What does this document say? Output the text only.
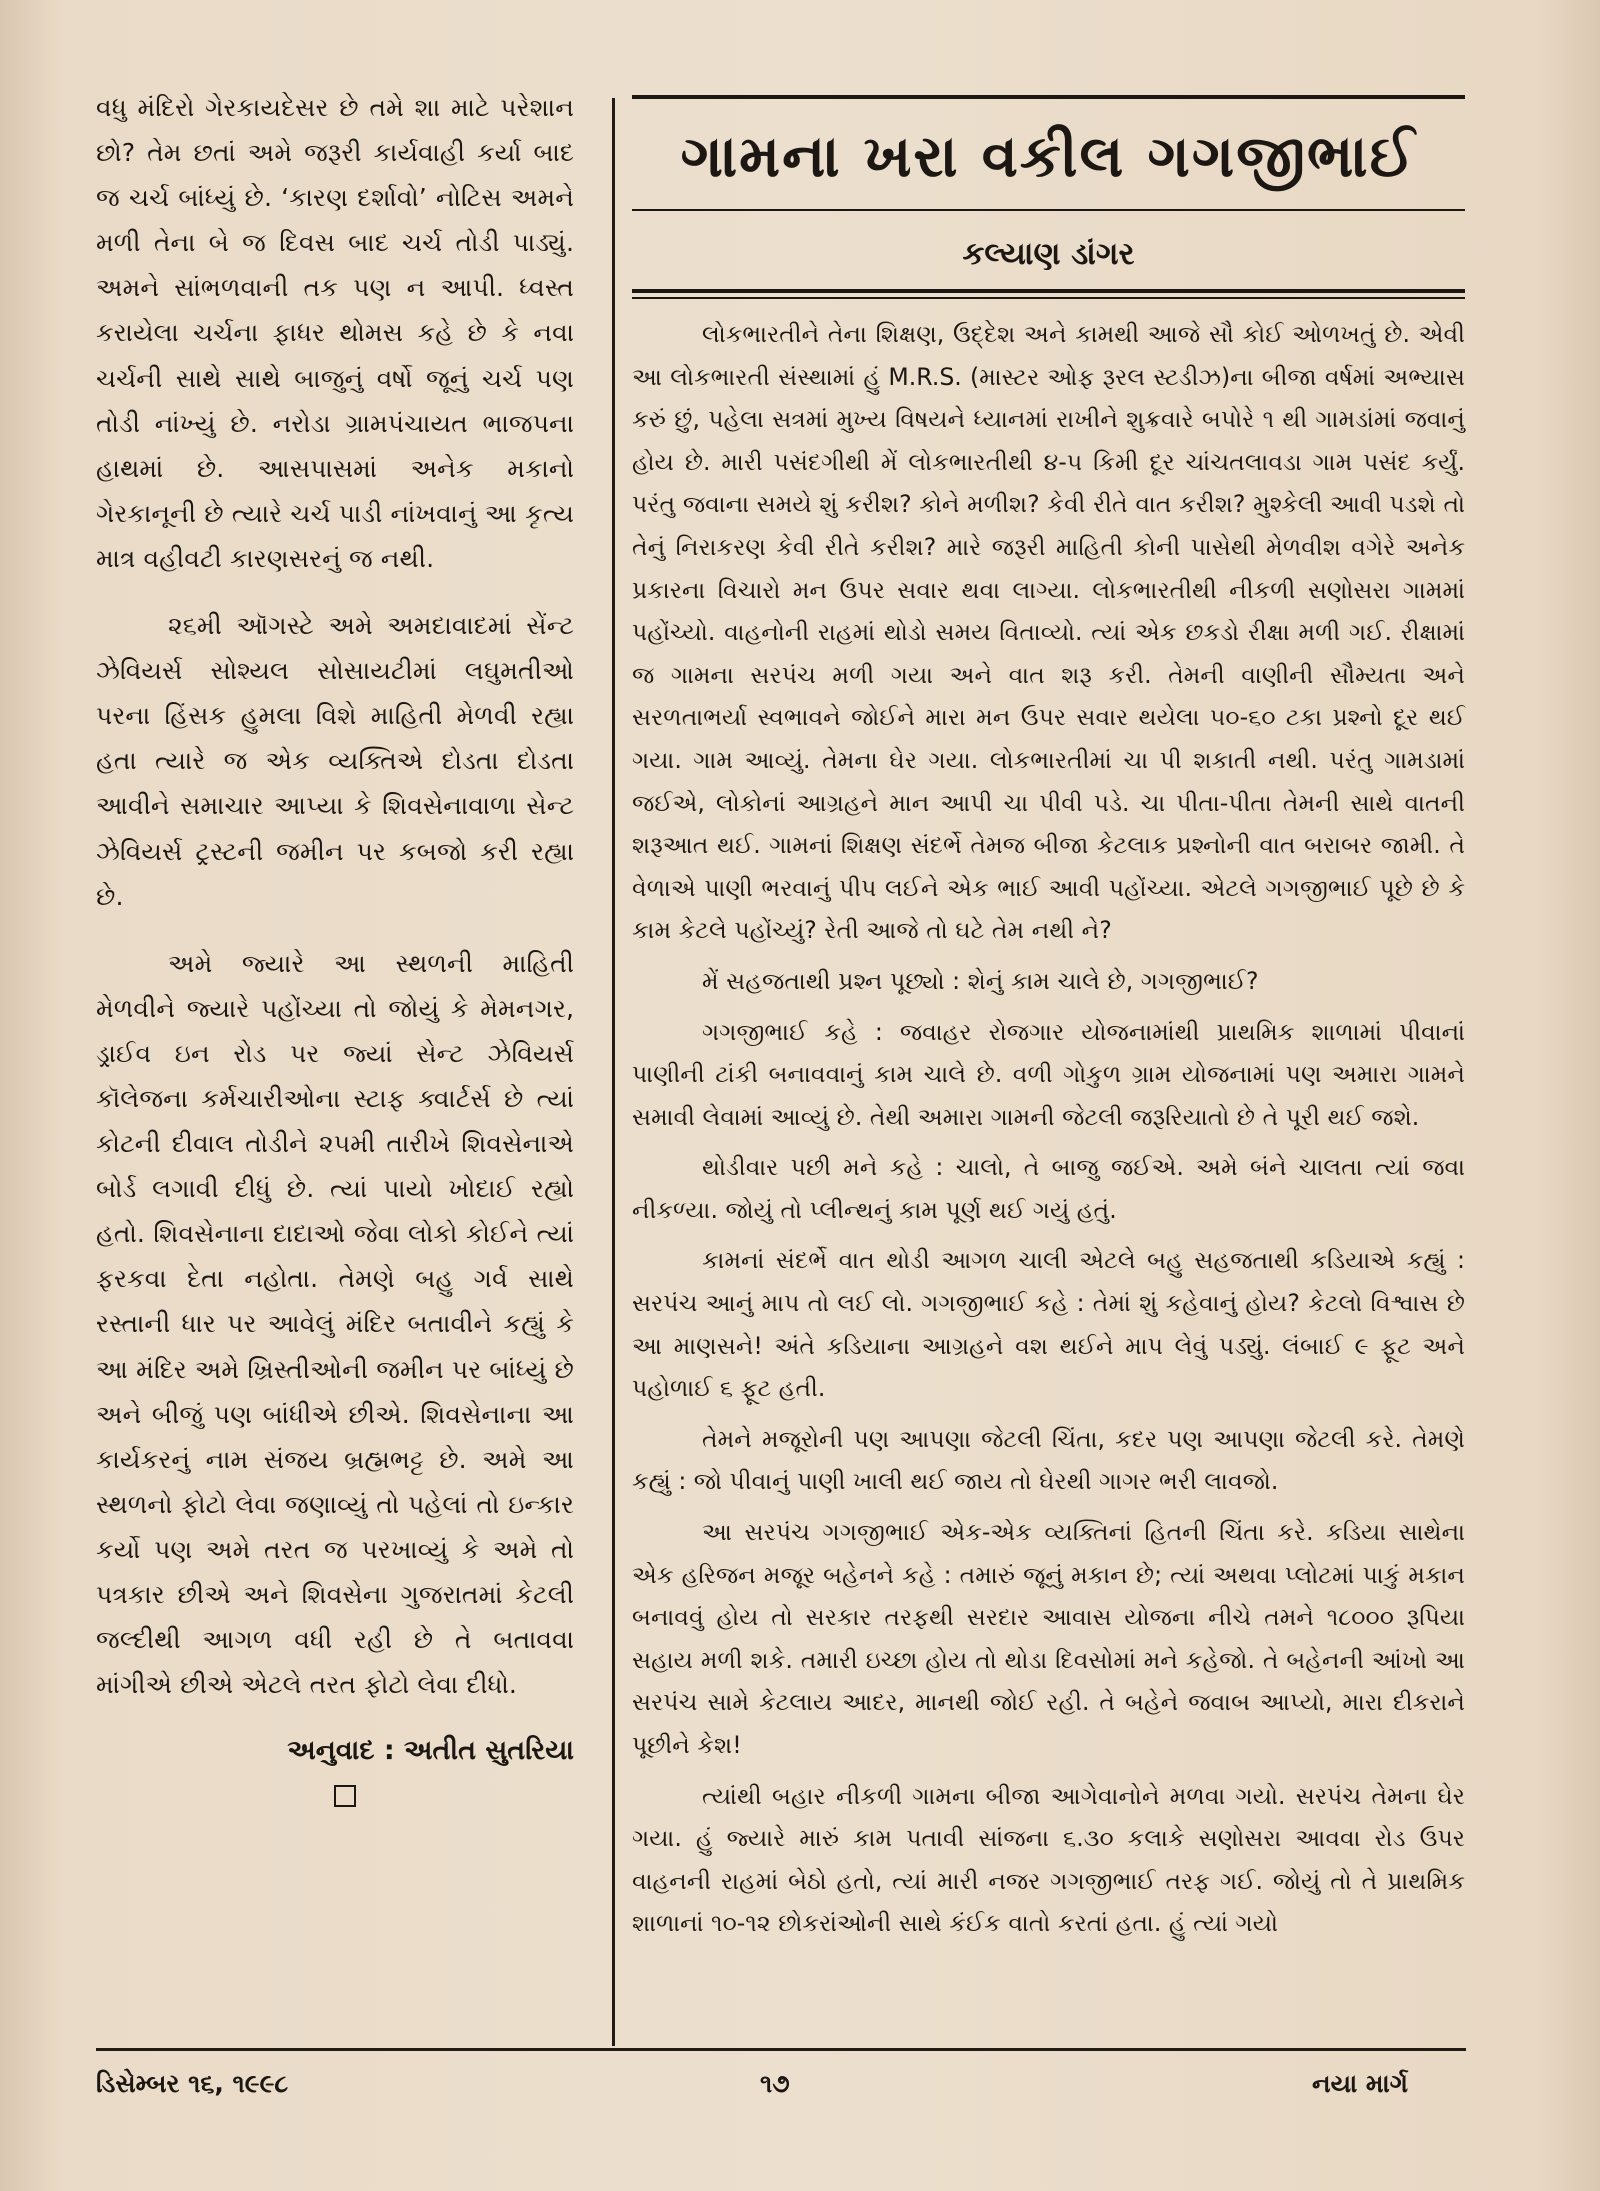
વધુ મંદિરો ગેરકાયદેસર છે તમે શા માટે પરેશાન છો? તેમ છતાં અમે જરૂરી કાર્યવાહી કર્યા બાદ જ ચર્ચ બાંધ્યું છે. ‘કારણ દર્શાવો’ નોટિસ અમને મળી તેના બે જ દિવસ બાદ ચર્ચ તોડી પાડ્યું. અમને સાંભળવાની તક પણ ન આપી. ધ્વસ્ત કરાયેલા ચર્ચના ફાધર થોમસ કહે છે કે નવા ચર્ચની સાથે સાથે બાજુનું વર્ષો જૂનું ચર્ચ પણ તોડી નાંખ્યું છે. નરોડા ગ્રામપંચાયત ભાજપના હાથમાં છે. આસપાસમાં અનેક મકાનો ગેરકાનૂની છે ત્યારે ચર્ચ પાડી નાંખવાનું આ કૃત્ય માત્ર વહીવટી કારણસરનું જ નથી.

૨૬મી ઑગસ્ટે અમે અમદાવાદમાં સેંન્ટ ઝેવિયર્સ સોશ્યલ સોસાયટીમાં લઘુમતીઓ પરના હિંસક હુમલા વિશે માહિતી મેળવી રહ્યા હતા ત્યારે જ એક વ્યક્તિએ દોડતા દોડતા આવીને સમાચાર આપ્યા કે શિવસેનાવાળા સેન્ટ ઝેવિયર્સ ટ્રસ્ટની જમીન પર કબજો કરી રહ્યા છે.

અમે જ્યારે આ સ્થળની માહિતી મેળવીને જ્યારે પહોંચ્યા તો જોયું કે મેમનગર, ડ્રાઈવ ઇન રોડ પર જ્યાં સેન્ટ ઝેવિયર્સ કૉલેજના કર્મચારીઓના સ્ટાફ ક્વાર્ટર્સ છે ત્યાં કોટની દીવાલ તોડીને ૨૫મી તારીખે શિવસેનાએ બોર્ડ લગાવી દીધું છે. ત્યાં પાયો ખોદાઈ રહ્યો હતો. શિવસેનાના દાદાઓ જેવા લોકો કોઈને ત્યાં ફરકવા દેતા નહોતા. તેમણે બહુ ગર્વ સાથે રસ્તાની ધાર પર આવેલું મંદિર બતાવીને કહ્યું કે આ મંદિર અમે ખ્રિસ્તીઓની જમીન પર બાંધ્યું છે અને બીજું પણ બાંધીએ છીએ. શિવસેનાના આ કાર્યકરનું નામ સંજય બ્રહ્મભટ્ટ છે. અમે આ સ્થળનો ફોટો લેવા જણાવ્યું તો પહેલાં તો ઇન્કાર કર્યો પણ અમે તરત જ પરખાવ્યું કે અમે તો પત્રકાર છીએ અને શિવસેના ગુજરાતમાં કેટલી જલ્દીથી આગળ વધી રહી છે તે બતાવવા માંગીએ છીએ એટલે તરત ફોટો લેવા દીધો.

અનુવાદ : અતીત સુતરિયા
ગામના ખરા વકીલ ગગજીભાઈ
કલ્યાણ ડાંગર

લોકભારતીને તેના શિક્ષણ, ઉદ્દેશ અને કામથી આજે સૌ કોઈ ઓળખતું છે. એવી આ લોકભારતી સંસ્થામાં હું M.R.S. (માસ્ટર ઓફ રૂરલ સ્ટડીઝ)ના બીજા વર્ષમાં અભ્યાસ કરું છું, પહેલા સત્રમાં મુખ્ય વિષયને ધ્યાનમાં રાખીને શુક્રવારે બપોરે ૧ થી ગામડાંમાં જવાનું હોય છે. મારી પસંદગીથી મેં લોકભારતીથી ૪-૫ કિમી દૂર ચાંચતલાવડા ગામ પસંદ કર્યું. પરંતુ જવાના સમયે શું કરીશ? કોને મળીશ? કેવી રીતે વાત કરીશ? મુશ્કેલી આવી પડશે તો તેનું નિરાકરણ કેવી રીતે કરીશ? મારે જરૂરી માહિતી કોની પાસેથી મેળવીશ વગેરે અનેક પ્રકારના વિચારો મન ઉપર સવાર થવા લાગ્યા. લોકભારતીથી નીકળી સણોસરા ગામમાં પહોંચ્યો. વાહનોની રાહમાં થોડો સમય વિતાવ્યો. ત્યાં એક છકડો રીક્ષા મળી ગઈ. રીક્ષામાં જ ગામના સરપંચ મળી ગયા અને વાત શરૂ કરી. તેમની વાણીની સૌમ્યતા અને સરળતાભર્યા સ્વભાવને જોઈને મારા મન ઉપર સવાર થયેલા ૫૦-૬૦ ટકા પ્રશ્નો દૂર થઈ ગયા. ગામ આવ્યું. તેમના ઘેર ગયા. લોકભારતીમાં ચા પી શકાતી નથી. પરંતુ ગામડામાં જઈએ, લોકોનાં આગ્રહને માન આપી ચા પીવી પડે. ચા પીતા-પીતા તેમની સાથે વાતની શરૂઆત થઈ. ગામનાં શિક્ષણ સંદર્ભે તેમજ બીજા કેટલાક પ્રશ્નોની વાત બરાબર જામી. તે વેળાએ પાણી ભરવાનું પીપ લઈને એક ભાઈ આવી પહોંચ્યા. એટલે ગગજીભાઈ પૂછે છે કે કામ કેટલે પહોંચ્યું? રેતી આજે તો ઘટે તેમ નથી ને?

મેં સહજતાથી પ્રશ્ન પૂછ્યો : શેનું કામ ચાલે છે, ગગજીભાઈ?

ગગજીભાઈ કહે : જવાહર રોજગાર યોજનામાંથી પ્રાથમિક શાળામાં પીવાનાં પાણીની ટાંકી બનાવવાનું કામ ચાલે છે. વળી ગોકુળ ગ્રામ યોજનામાં પણ અમારા ગામને સમાવી લેવામાં આવ્યું છે. તેથી અમારા ગામની જેટલી જરૂરિયાતો છે તે પૂરી થઈ જશે.

થોડીવાર પછી મને કહે : ચાલો, તે બાજુ જઈએ. અમે બંને ચાલતા ત્યાં જવા નીકળ્યા. જોયું તો પ્લીન્થનું કામ પૂર્ણ થઈ ગયું હતું.

કામનાં સંદર્ભે વાત થોડી આગળ ચાલી એટલે બહુ સહજતાથી કડિયાએ કહ્યું : સરપંચ આનું માપ તો લઈ લો. ગગજીભાઈ કહે : તેમાં શું કહેવાનું હોય? કેટલો વિશ્વાસ છે આ માણસને! અંતે કડિયાના આગ્રહને વશ થઈને માપ લેવું પડ્યું. લંબાઈ ૯ ફૂટ અને પહોળાઈ ૬ ફૂટ હતી.

તેમને મજૂરોની પણ આપણા જેટલી ચિંતા, કદર પણ આપણા જેટલી કરે. તેમણે કહ્યું : જો પીવાનું પાણી ખાલી થઈ જાય તો ઘેરથી ગાગર ભરી લાવજો.

આ સરપંચ ગગજીભાઈ એક-એક વ્યક્તિનાં હિતની ચિંતા કરે. કડિયા સાથેના એક હરિજન મજૂર બહેનને કહે : તમારું જૂનું મકાન છે; ત્યાં અથવા પ્લોટમાં પાકું મકાન બનાવવું હોય તો સરકાર તરફથી સરદાર આવાસ યોજના નીચે તમને ૧૮૦૦૦ રૂપિયા સહાય મળી શકે. તમારી ઇચ્છા હોય તો થોડા દિવસોમાં મને કહેજો. તે બહેનની આંખો આ સરપંચ સામે કેટલાય આદર, માનથી જોઈ રહી. તે બહેને જવાબ આપ્યો, મારા દીકરાને પૂછીને કેશ!

ત્યાંથી બહાર નીકળી ગામના બીજા આગેવાનોને મળવા ગયો. સરપંચ તેમના ઘેર ગયા. હું જ્યારે મારું કામ પતાવી સાંજના ૬.૩૦ કલાકે સણોસરા આવવા રોડ ઉપર વાહનની રાહમાં બેઠો હતો, ત્યાં મારી નજર ગગજીભાઈ તરફ ગઈ. જોયું તો તે પ્રાથમિક શાળાનાં ૧૦-૧૨ છોકરાંઓની સાથે કંઈક વાતો કરતાં હતા. હું ત્યાં ગયો

ડિસેમ્બર ૧૬, ૧૯૯૮	૧૭	નયા માર્ગ
